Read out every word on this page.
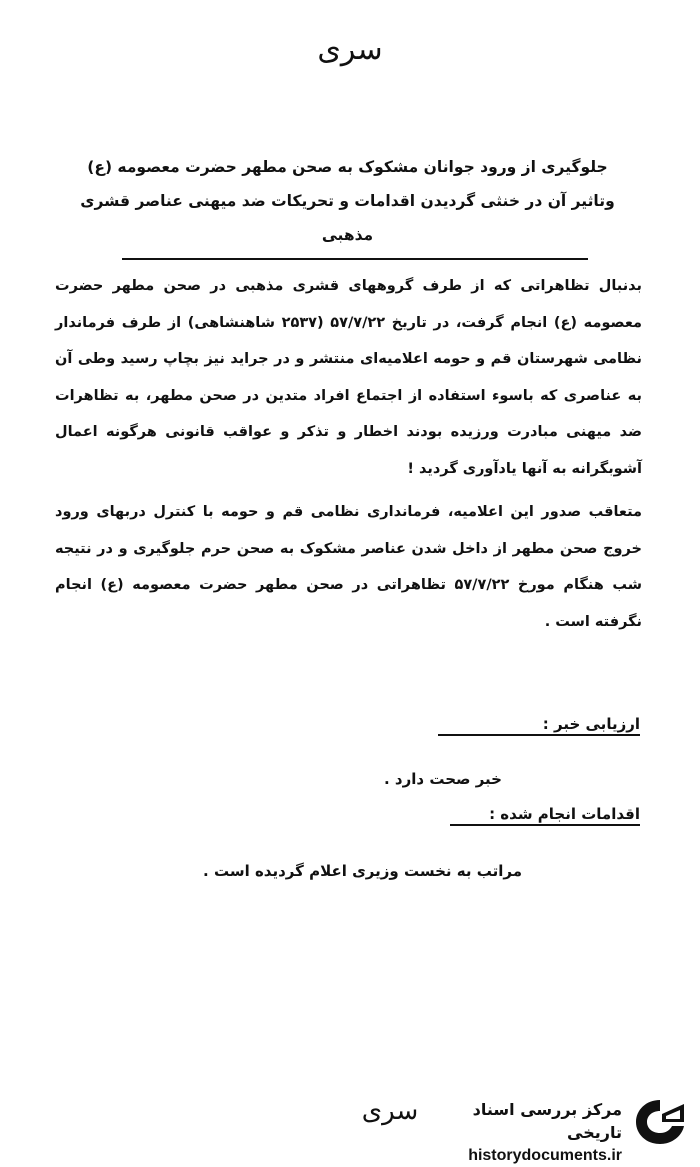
سری
جلوگیری از ورود جوانان مشکوک به صحن مطهر حضرت معصومه (ع)
وتاثیر آن در خنثی گردیدن اقدامات و تحریکات ضد میهنی عناصر قشری
مذهبی
بدنبال تظاهراتی که از طرف گروههای قشری مذهبی در صحن مطهر حضرت معصومه (ع) انجام گرفت، در تاریخ ۵۷/۷/۲۲ (۲۵۳۷ شاهنشاهی) از طرف فرماندار نظامی شهرستان قم و حومه اعلامیه‌ای منتشر و در جراید نیز بچاپ رسید وطی آن به عناصری که باسوء استفاده از اجتماع افراد متدین در صحن مطهر، به تظاهرات ضد میهنی مبادرت ورزیده بودند اخطار و تذکر و عواقب قانونی هرگونه اعمال آشوبگرانه به آنها یادآوری گردید !
متعاقب صدور این اعلامیه، فرمانداری نظامی قم و حومه با کنترل دربهای ورود خروج صحن مطهر از داخل شدن عناصر مشکوک به صحن حرم جلوگیری و در نتیجه شب هنگام مورخ ۵۷/۷/۲۲ تظاهراتی در صحن مطهر حضرت معصومه (ع) انجام نگرفته است .
ارزیابی خبر :
خبر صحت دارد .
اقدامات انجام شده :
مراتب به نخست وزیری اعلام گردیده است .
سری	مرکز بررسی اسناد تاریخی
historydocuments.ir
